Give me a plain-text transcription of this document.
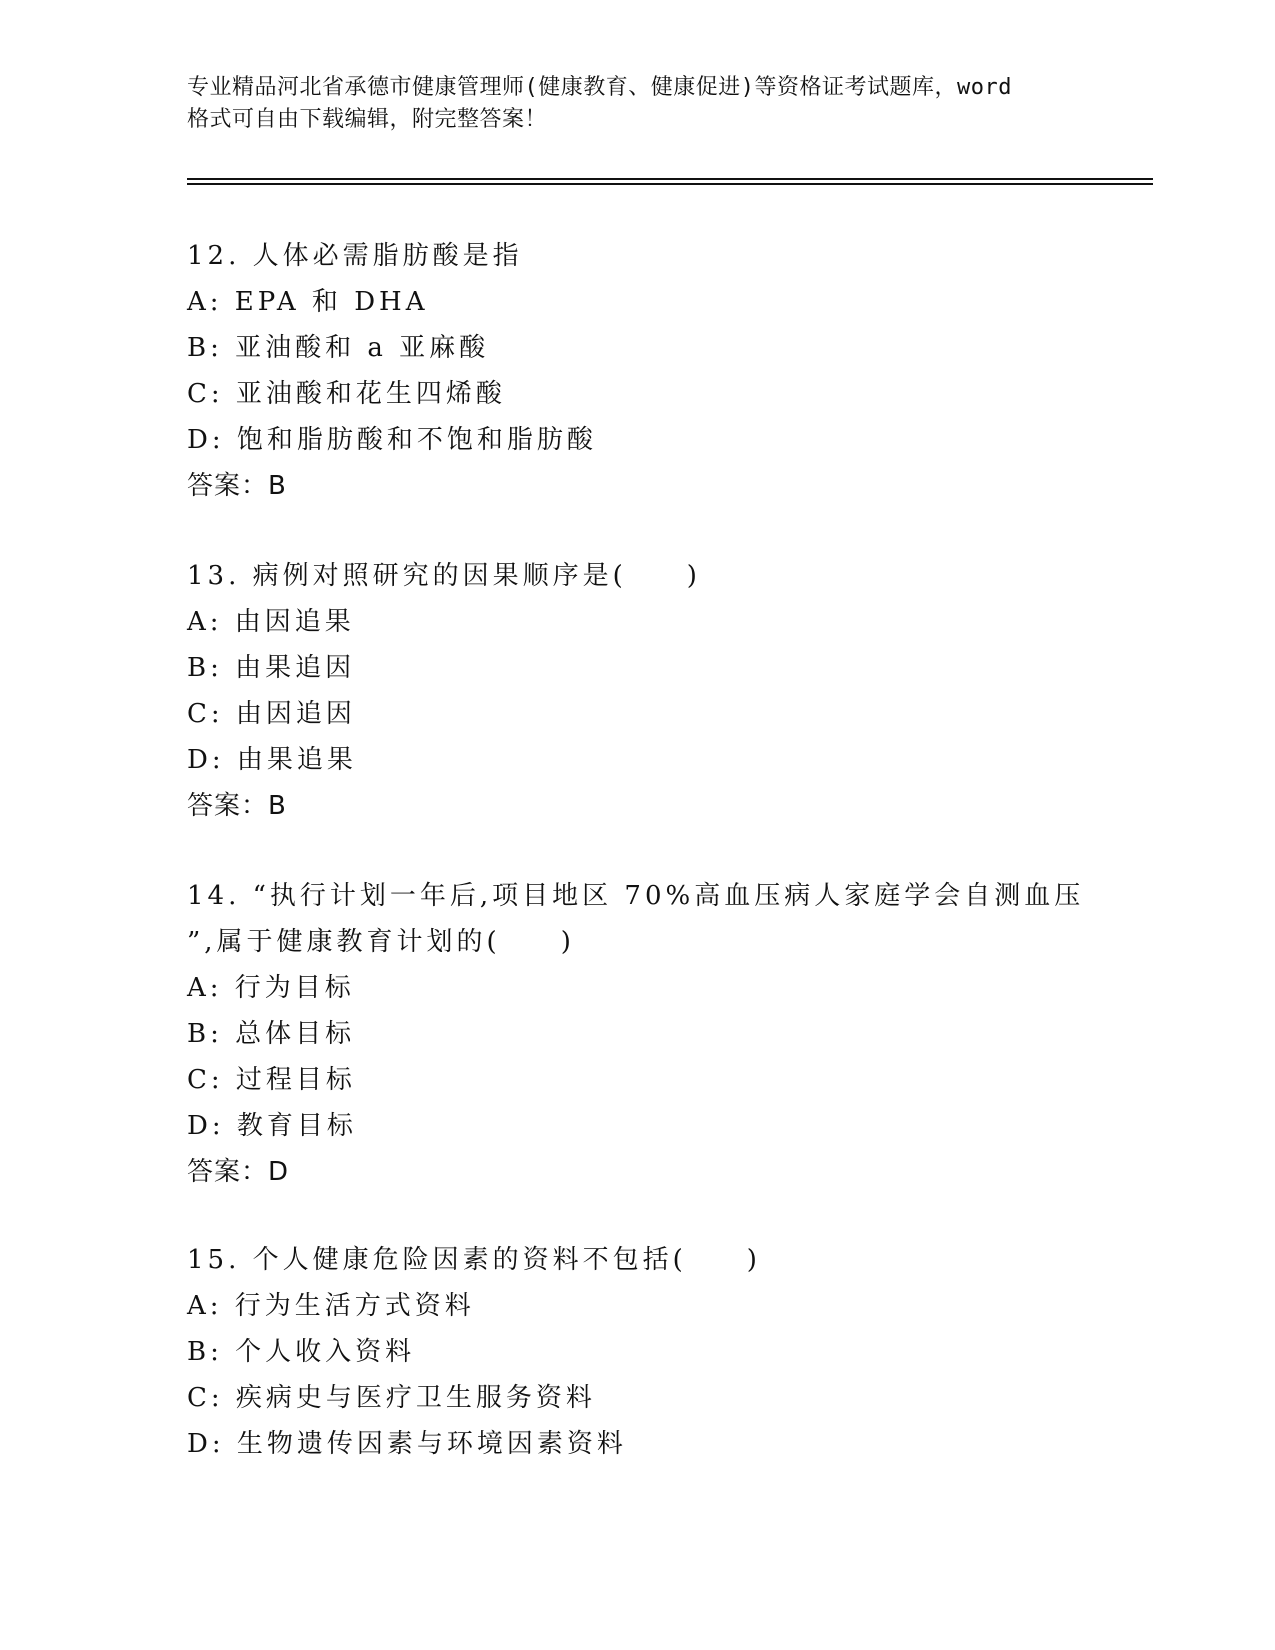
专业精品河北省承德市健康管理师(健康教育、健康促进)等资格证考试题库，word
格式可自由下载编辑，附完整答案！
12. 人体必需脂肪酸是指
A: EPA 和 DHA
B: 亚油酸和 a 亚麻酸
C: 亚油酸和花生四烯酸
D: 饱和脂肪酸和不饱和脂肪酸
答案：B
13. 病例对照研究的因果顺序是(　　)
A: 由因追果
B: 由果追因
C: 由因追因
D: 由果追果
答案：B
14. “执行计划一年后,项目地区 70%高血压病人家庭学会自测血压
”,属于健康教育计划的(　　)
A: 行为目标
B: 总体目标
C: 过程目标
D: 教育目标
答案：D
15. 个人健康危险因素的资料不包括(　　)
A: 行为生活方式资料
B: 个人收入资料
C: 疾病史与医疗卫生服务资料
D: 生物遗传因素与环境因素资料
